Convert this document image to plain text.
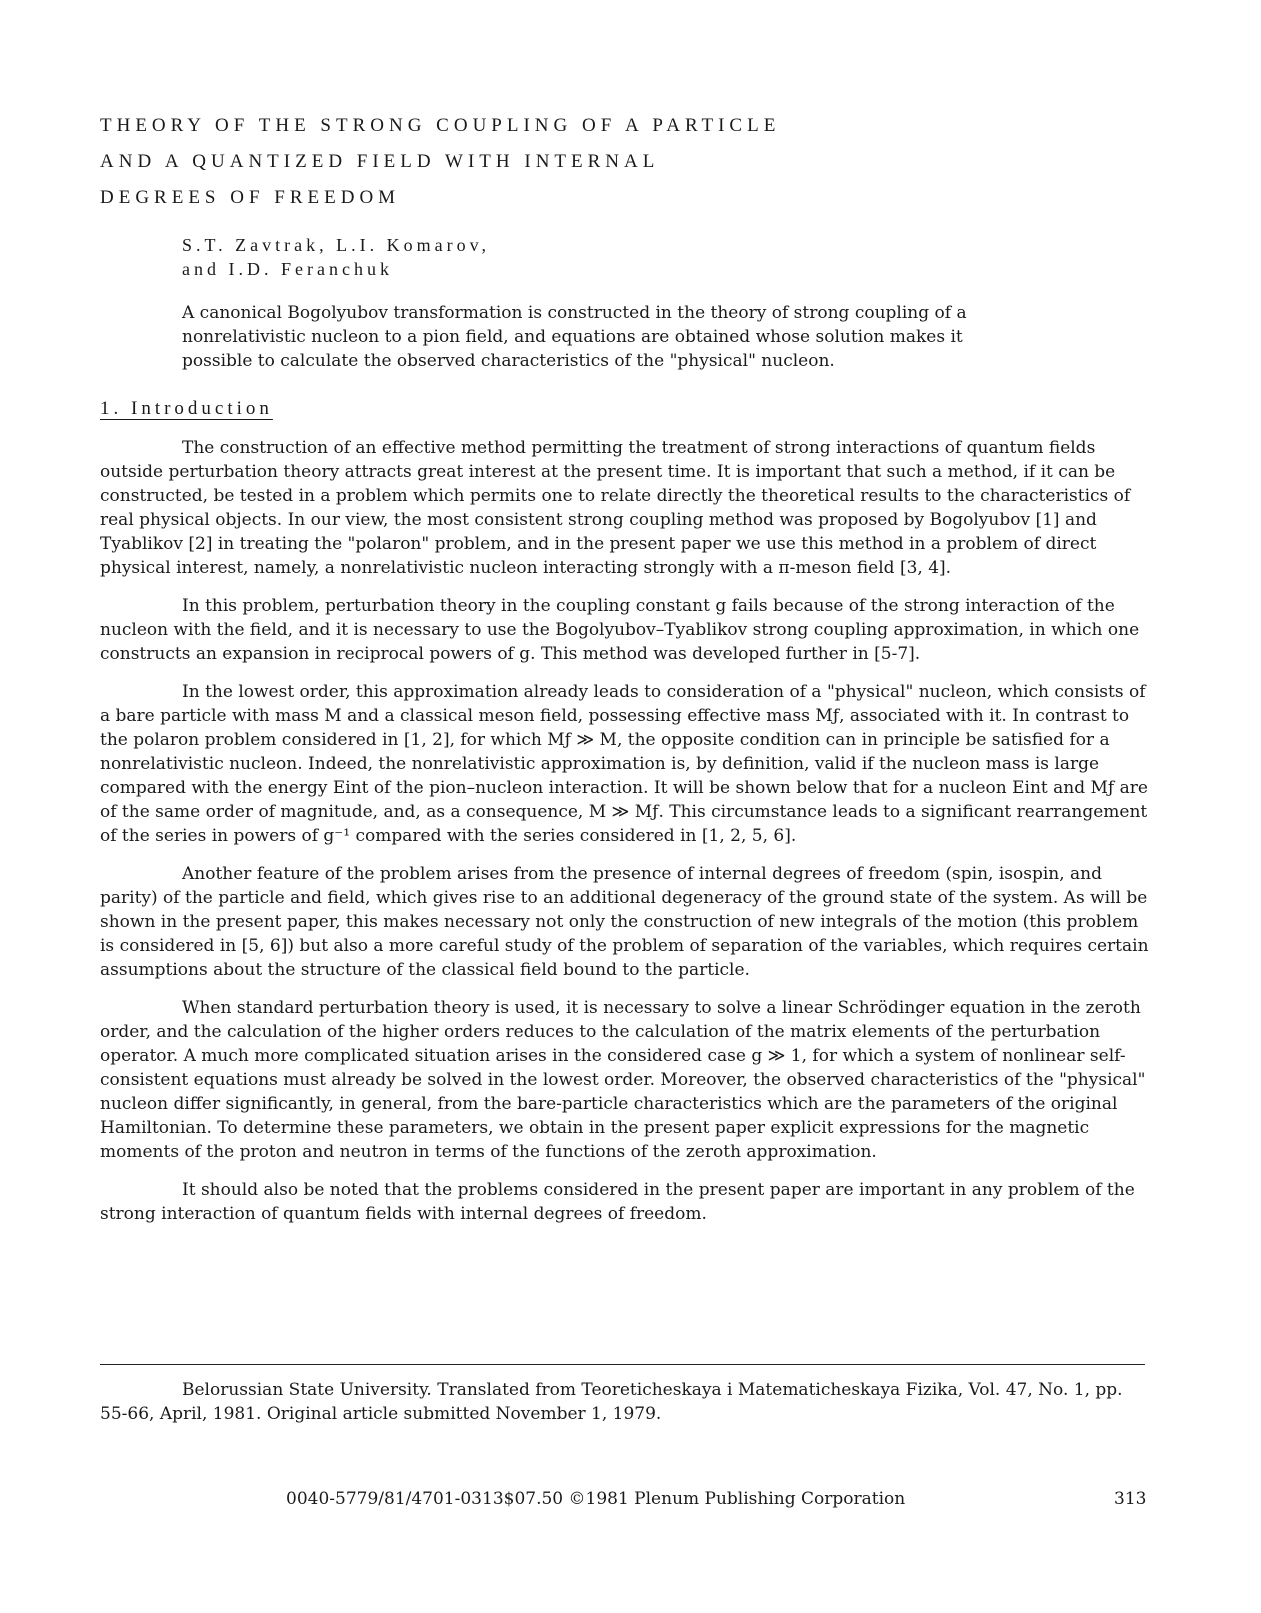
THEORY OF THE STRONG COUPLING OF A PARTICLE
AND A QUANTIZED FIELD WITH INTERNAL
DEGREES OF FREEDOM
S.T. Zavtrak, L.I. Komarov,
and I.D. Feranchuk
A canonical Bogolyubov transformation is constructed in the theory of strong coupling of a nonrelativistic nucleon to a pion field, and equations are obtained whose solution makes it possible to calculate the observed characteristics of the "physical" nucleon.
1. Introduction

The construction of an effective method permitting the treatment of strong interactions of quantum fields outside perturbation theory attracts great interest at the present time. It is important that such a method, if it can be constructed, be tested in a problem which permits one to relate directly the theoretical results to the characteristics of real physical objects. In our view, the most consistent strong coupling method was proposed by Bogolyubov [1] and Tyablikov [2] in treating the "polaron" problem, and in the present paper we use this method in a problem of direct physical interest, namely, a nonrelativistic nucleon interacting strongly with a π-meson field [3, 4].

In this problem, perturbation theory in the coupling constant g fails because of the strong interaction of the nucleon with the field, and it is necessary to use the Bogolyubov–Tyablikov strong coupling approximation, in which one constructs an expansion in reciprocal powers of g. This method was developed further in [5-7].

In the lowest order, this approximation already leads to consideration of a "physical" nucleon, which consists of a bare particle with mass M and a classical meson field, possessing effective mass Mƒ, associated with it. In contrast to the polaron problem considered in [1, 2], for which Mƒ ≫ M, the opposite condition can in principle be satisfied for a nonrelativistic nucleon. Indeed, the nonrelativistic approximation is, by definition, valid if the nucleon mass is large compared with the energy Eint of the pion–nucleon interaction. It will be shown below that for a nucleon Eint and Mƒ are of the same order of magnitude, and, as a consequence, M ≫ Mƒ. This circumstance leads to a significant rearrangement of the series in powers of g⁻¹ compared with the series considered in [1, 2, 5, 6].

Another feature of the problem arises from the presence of internal degrees of freedom (spin, isospin, and parity) of the particle and field, which gives rise to an additional degeneracy of the ground state of the system. As will be shown in the present paper, this makes necessary not only the construction of new integrals of the motion (this problem is considered in [5, 6]) but also a more careful study of the problem of separation of the variables, which requires certain assumptions about the structure of the classical field bound to the particle.

When standard perturbation theory is used, it is necessary to solve a linear Schrödinger equation in the zeroth order, and the calculation of the higher orders reduces to the calculation of the matrix elements of the perturbation operator. A much more complicated situation arises in the considered case g ≫ 1, for which a system of nonlinear self-consistent equations must already be solved in the lowest order. Moreover, the observed characteristics of the "physical" nucleon differ significantly, in general, from the bare-particle characteristics which are the parameters of the original Hamiltonian. To determine these parameters, we obtain in the present paper explicit expressions for the magnetic moments of the proton and neutron in terms of the functions of the zeroth approximation.

It should also be noted that the problems considered in the present paper are important in any problem of the strong interaction of quantum fields with internal degrees of freedom.

Belorussian State University. Translated from Teoreticheskaya i Matematicheskaya Fizika, Vol. 47, No. 1, pp. 55-66, April, 1981. Original article submitted November 1, 1979.
0040-5779/81/4701-0313$07.50 ©1981 Plenum Publishing Corporation	313
